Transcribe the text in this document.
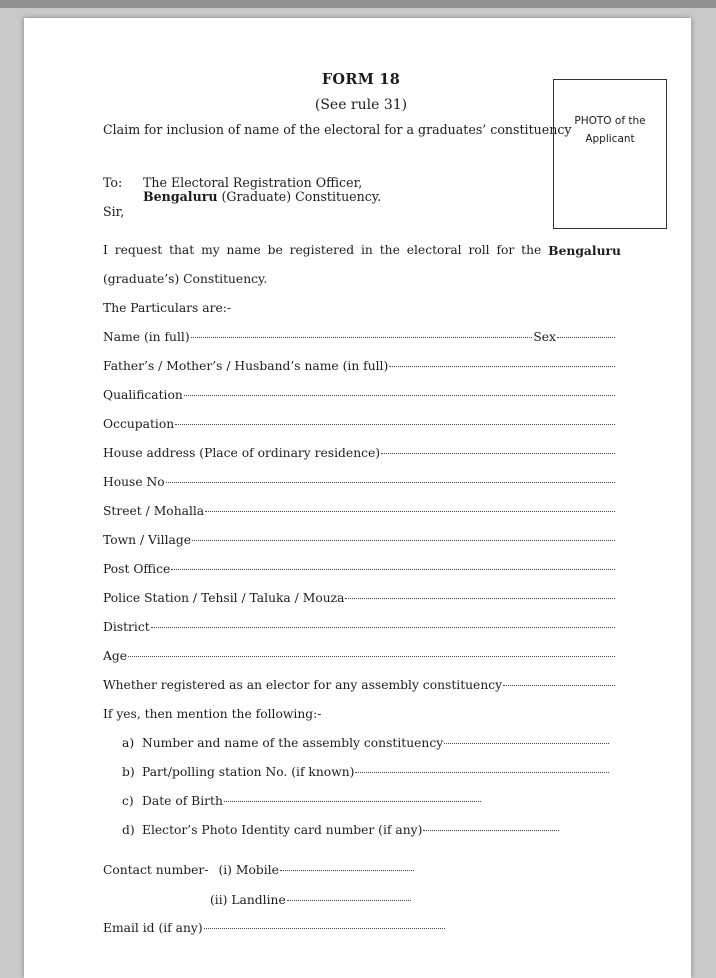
FORM 18
(See rule 31)
Claim for inclusion of name of the electoral for a graduates’ constituency
PHOTO of the Applicant
To: The Electoral Registration Officer,
Bengaluru (Graduate) Constituency.
Sir,
I request that my name be registered in the electoral roll for the Bengaluru
(graduate’s) Constituency.
The Particulars are:-
Name (in full)	Sex
Father’s / Mother’s / Husband’s name (in full)
Qualification
Occupation
House address (Place of ordinary residence)
House No
Street / Mohalla
Town / Village
Post Office
Police Station / Tehsil / Taluka / Mouza
District
Age
Whether registered as an elector for any assembly constituency
If yes, then mention the following:-
a) Number and name of the assembly constituency
b) Part/polling station No. (if known)
c) Date of Birth
d) Elector’s Photo Identity card number (if any)
Contact number- (i) Mobile
(ii) Landline
Email id (if any)
